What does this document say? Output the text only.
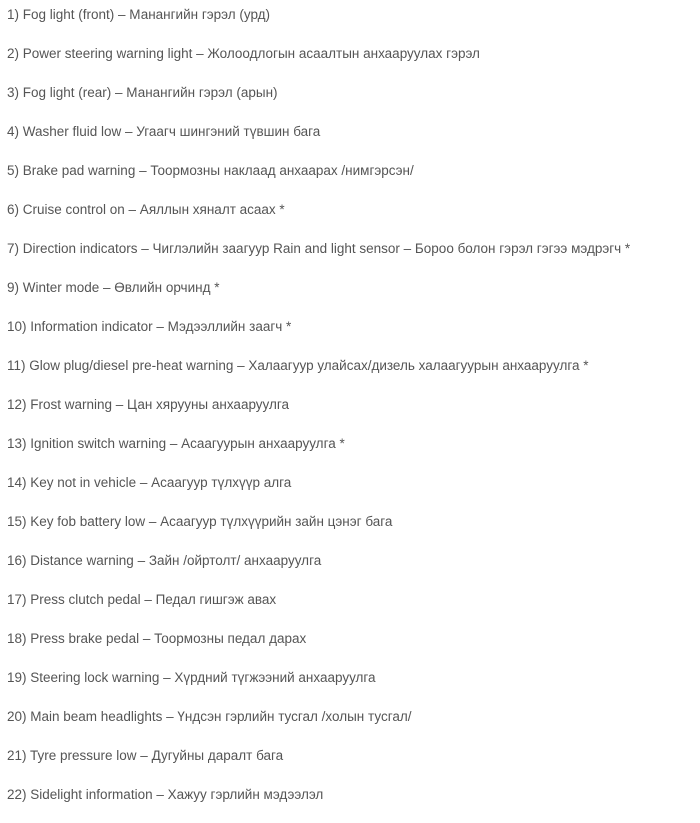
1) Fog light (front) – Манангийн гэрэл (урд)
2) Power steering warning light – Жолоодлогын асаалтын анхааруулах гэрэл
3) Fog light (rear) – Манангийн гэрэл (арын)
4) Washer fluid low – Угаагч шингэний түвшин бага
5) Brake pad warning – Тоормозны наклаад анхаарах /нимгэрсэн/
6) Cruise control on – Аяллын хяналт асаах *
7) Direction indicators – Чиглэлийн заагуур Rain and light sensor – Бороо болон гэрэл гэгээ мэдрэгч *
9) Winter mode – Өвлийн орчинд *
10) Information indicator – Мэдээллийн заагч *
11) Glow plug/diesel pre-heat warning – Халаагуур улайсах/дизель халаагуурын анхааруулга *
12) Frost warning – Цан хярууны анхааруулга
13) Ignition switch warning – Асаагуурын анхааруулга *
14) Key not in vehicle – Асаагуур түлхүүр алга
15) Key fob battery low – Асаагуур түлхүүрийн зайн цэнэг бага
16) Distance warning – Зайн /ойртолт/ анхааруулга
17) Press clutch pedal – Педал гишгэж авах
18) Press brake pedal – Тоормозны педал дарах
19) Steering lock warning – Хүрдний түгжээний анхааруулга
20) Main beam headlights – Үндсэн гэрлийн тусгал /холын тусгал/
21) Tyre pressure low – Дугуйны даралт бага
22) Sidelight information – Хажуу гэрлийн мэдээлэл
